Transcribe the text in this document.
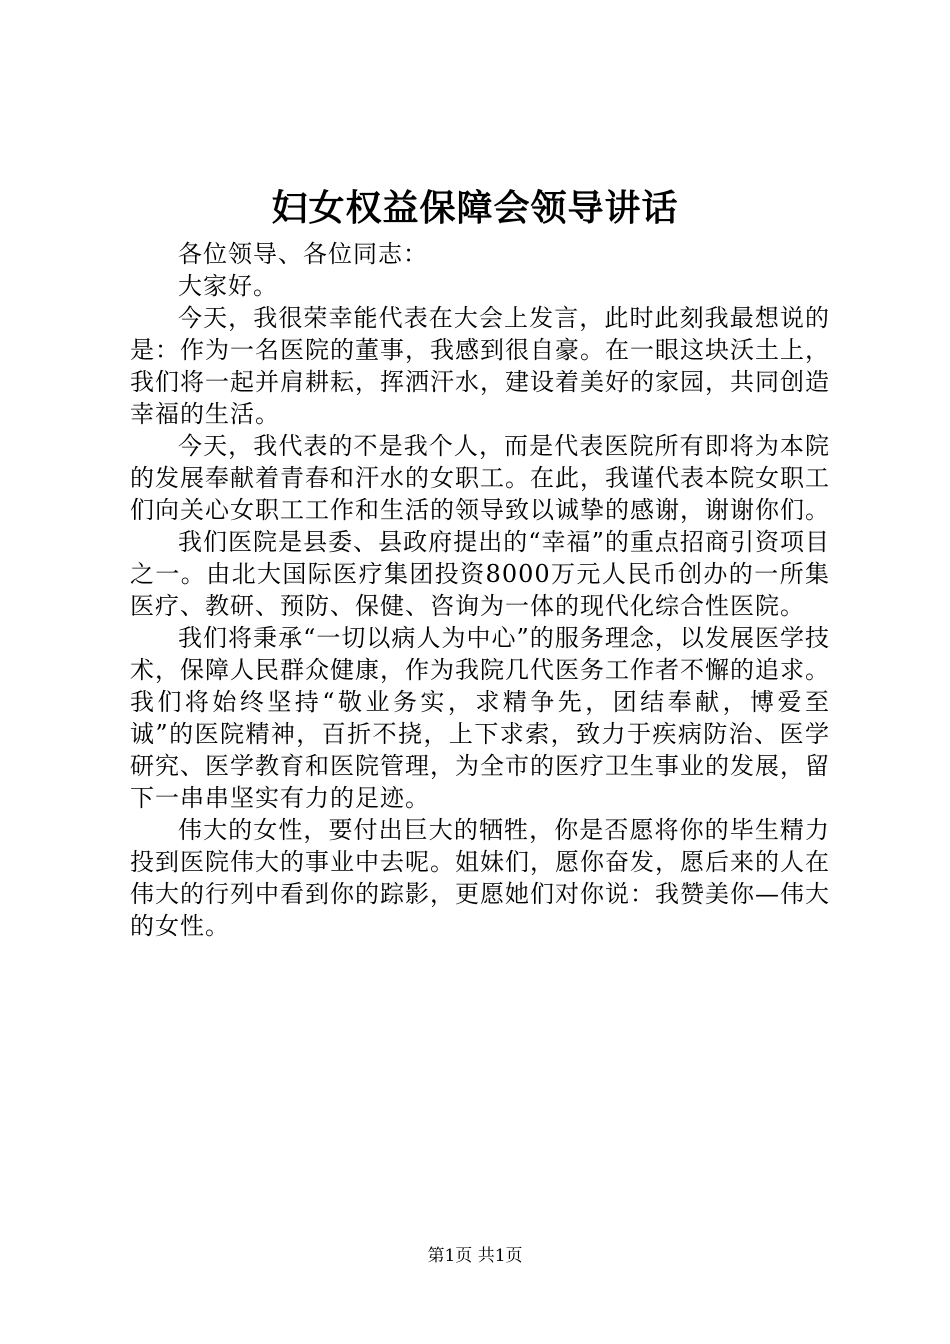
妇女权益保障会领导讲话

各位领导、各位同志：

大家好。

今天，我很荣幸能代表在大会上发言，此时此刻我最想说的是：作为一名医院的董事，我感到很自豪。在一眼这块沃土上，我们将一起并肩耕耘，挥洒汗水，建设着美好的家园，共同创造幸福的生活。

今天，我代表的不是我个人，而是代表医院所有即将为本院的发展奉献着青春和汗水的女职工。在此，我谨代表本院女职工们向关心女职工工作和生活的领导致以诚挚的感谢，谢谢你们。

我们医院是县委、县政府提出的“幸福”的重点招商引资项目之一。由北大国际医疗集团投资8000万元人民币创办的一所集医疗、教研、预防、保健、咨询为一体的现代化综合性医院。

我们将秉承“一切以病人为中心”的服务理念，以发展医学技术，保障人民群众健康，作为我院几代医务工作者不懈的追求。我们将始终坚持“敬业务实，求精争先，团结奉献，博爱至诚”的医院精神，百折不挠，上下求索，致力于疾病防治、医学研究、医学教育和医院管理，为全市的医疗卫生事业的发展，留下一串串坚实有力的足迹。

伟大的女性，要付出巨大的牺牲，你是否愿将你的毕生精力投到医院伟大的事业中去呢。姐妹们，愿你奋发，愿后来的人在伟大的行列中看到你的踪影，更愿她们对你说：我赞美你—伟大的女性。

第1页 共1页
